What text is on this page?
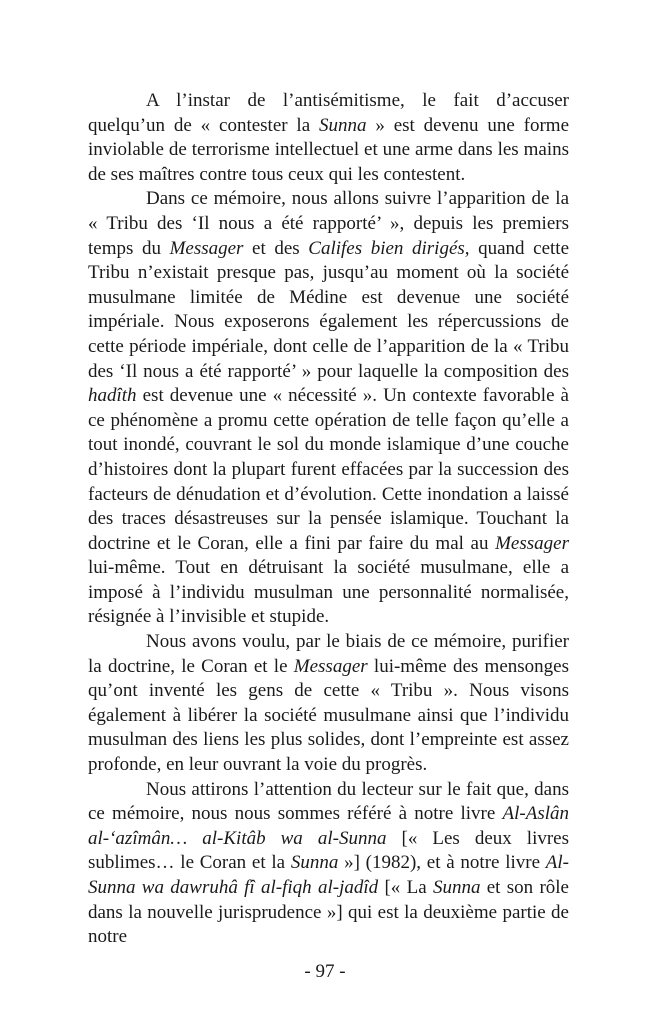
A l’instar de l’antisémitisme, le fait d’accuser quelqu’un de « contester la Sunna » est devenu une forme inviolable de terrorisme intellectuel et une arme dans les mains de ses maîtres contre tous ceux qui les contestent.

Dans ce mémoire, nous allons suivre l’apparition de la « Tribu des ‘Il nous a été rapporté’ », depuis les premiers temps du Messager et des Califes bien dirigés, quand cette Tribu n’existait presque pas, jusqu’au moment où la société musulmane limitée de Médine est devenue une société impériale. Nous exposerons également les répercussions de cette période impériale, dont celle de l’apparition de la « Tribu des ‘Il nous a été rapporté’ » pour laquelle la composition des hadîth est devenue une « nécessité ». Un contexte favorable à ce phénomène a promu cette opération de telle façon qu’elle a tout inondé, couvrant le sol du monde islamique d’une couche d’histoires dont la plupart furent effacées par la succession des facteurs de dénudation et d’évolution. Cette inondation a laissé des traces désastreuses sur la pensée islamique. Touchant la doctrine et le Coran, elle a fini par faire du mal au Messager lui-même. Tout en détruisant la société musulmane, elle a imposé à l’individu musulman une personnalité normalisée, résignée à l’invisible et stupide.

Nous avons voulu, par le biais de ce mémoire, purifier la doctrine, le Coran et le Messager lui-même des mensonges qu’ont inventé les gens de cette « Tribu ». Nous visons également à libérer la société musulmane ainsi que l’individu musulman des liens les plus solides, dont l’empreinte est assez profonde, en leur ouvrant la voie du progrès.

Nous attirons l’attention du lecteur sur le fait que, dans ce mémoire, nous nous sommes référé à notre livre Al-Aslân al-‘azîmân… al-Kitâb wa al-Sunna [« Les deux livres sublimes… le Coran et la Sunna »] (1982), et à notre livre Al-Sunna wa dawruhâ fî al-fiqh al-jadîd [« La Sunna et son rôle dans la nouvelle jurisprudence »] qui est la deuxième partie de notre

- 97 -
